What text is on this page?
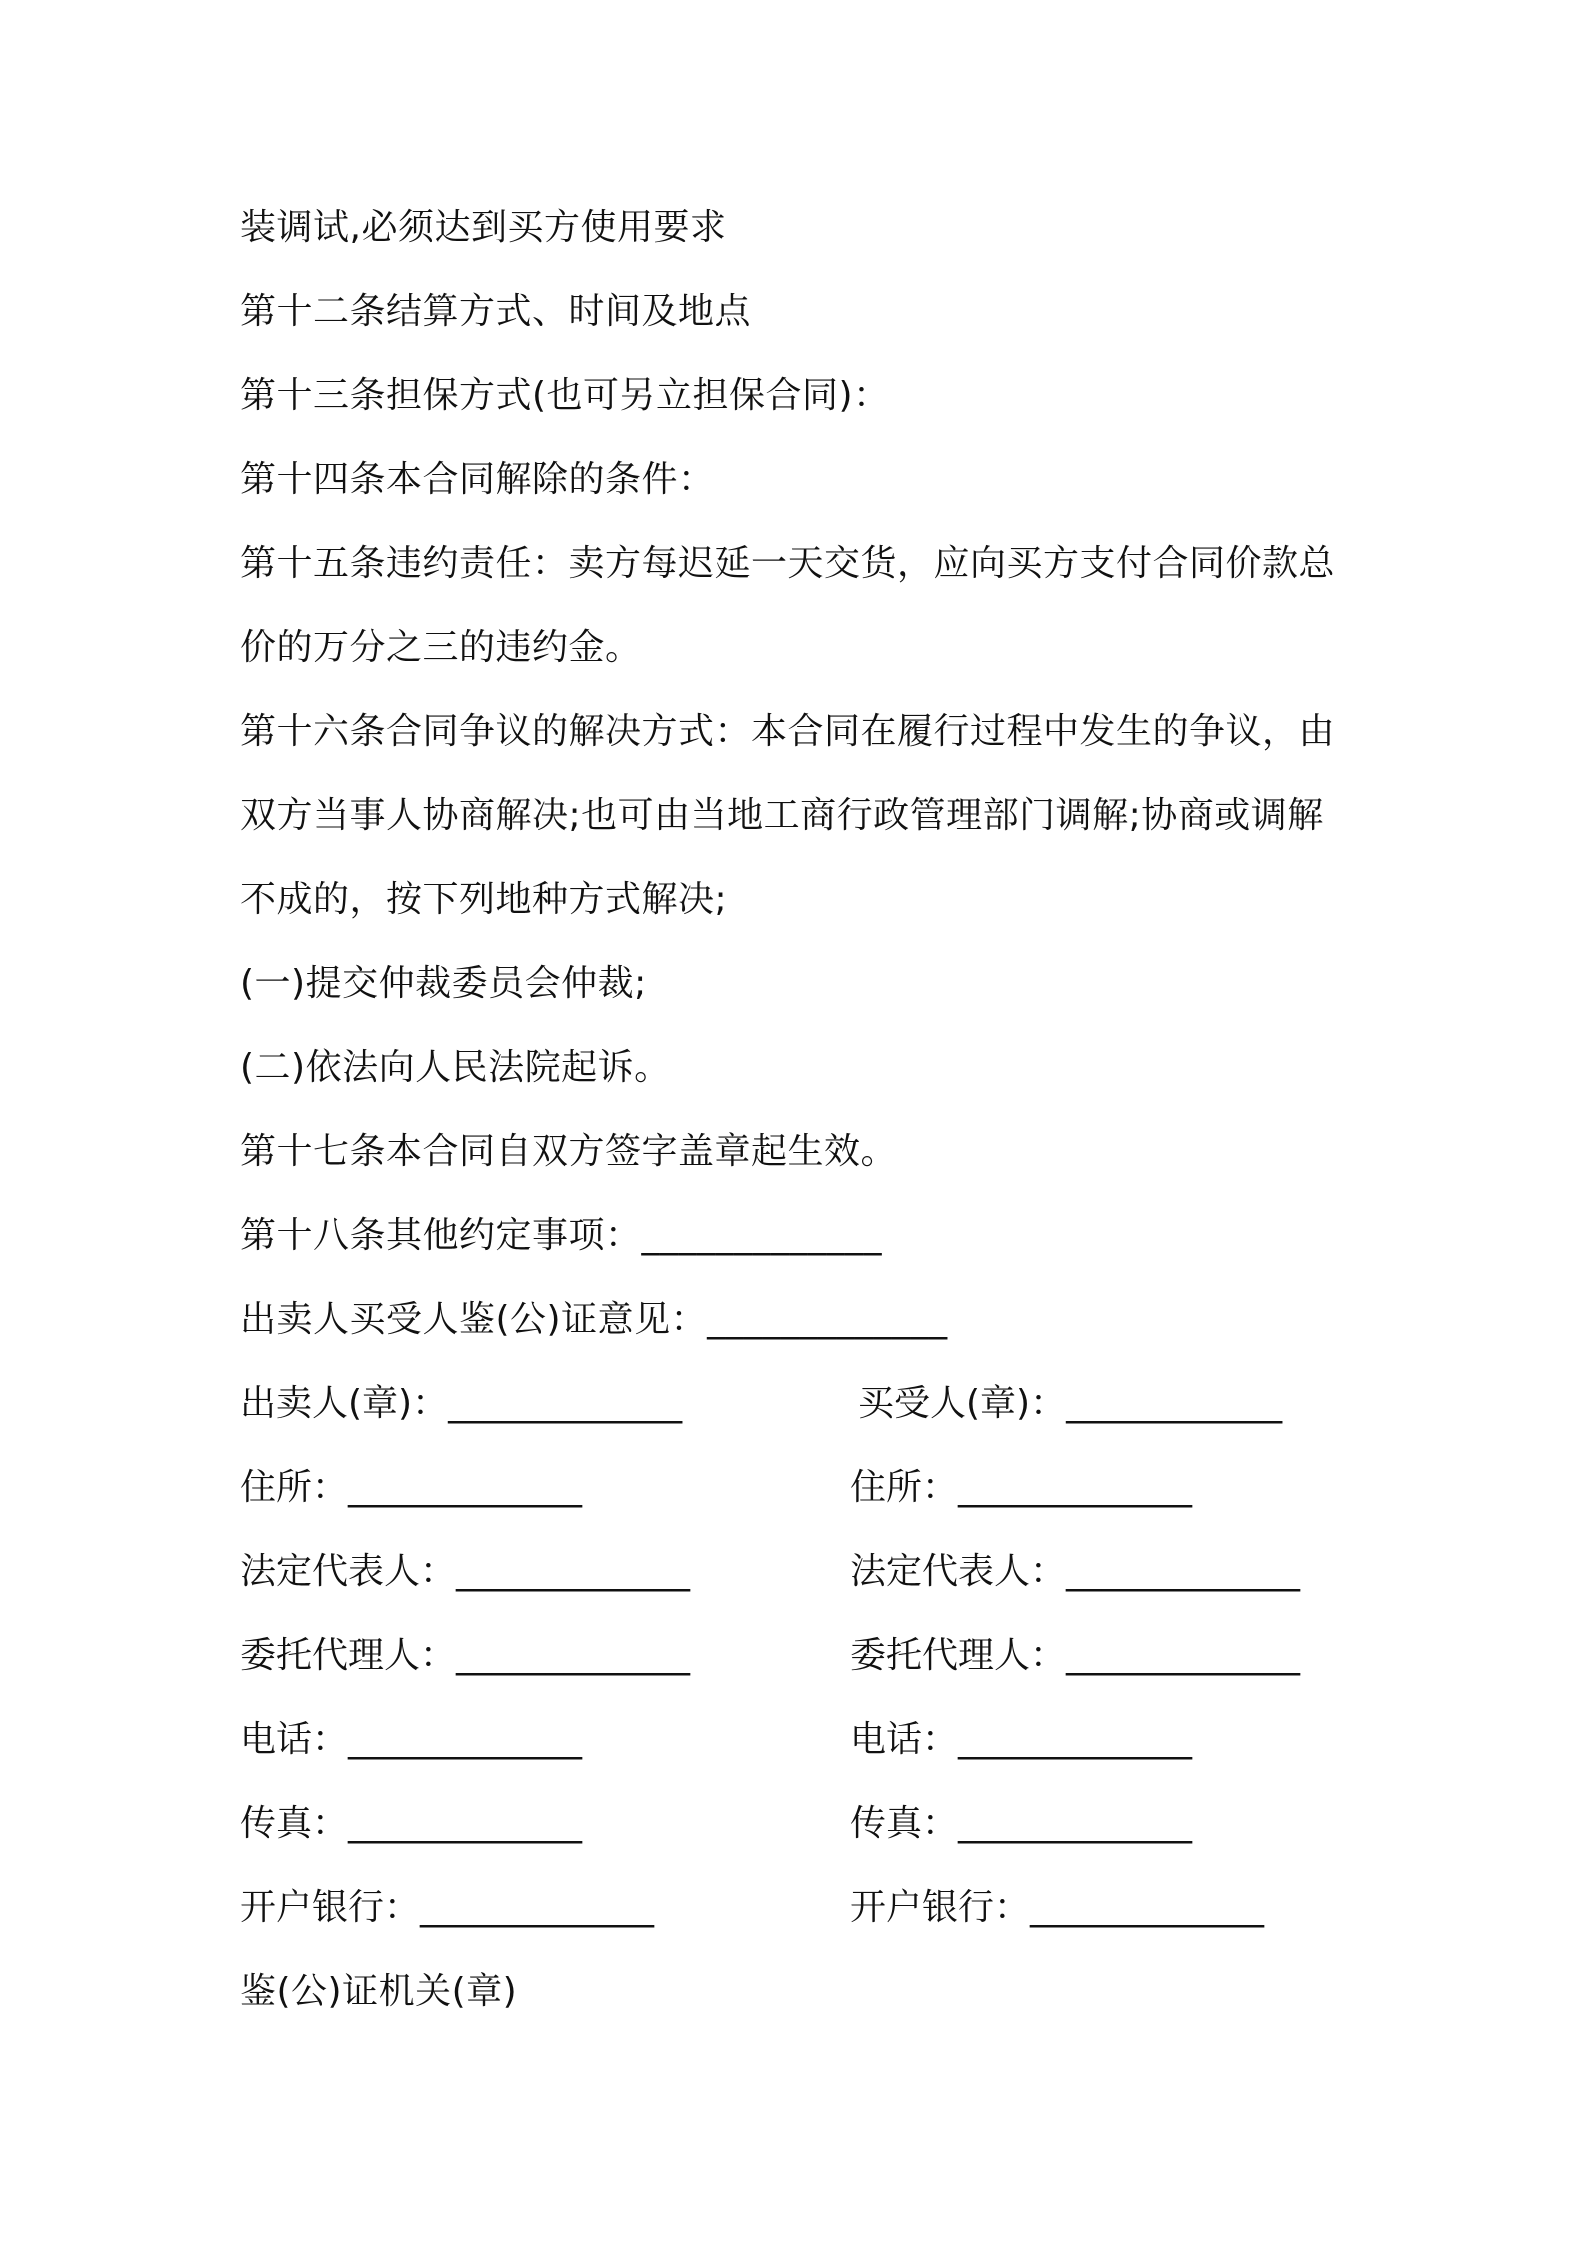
装调试,必须达到买方使用要求
第十二条结算方式、时间及地点
第十三条担保方式(也可另立担保合同)：
第十四条本合同解除的条件：
第十五条违约责任：卖方每迟延一天交货，应向买方支付合同价款总
价的万分之三的违约金。
第十六条合同争议的解决方式：本合同在履行过程中发生的争议，由
双方当事人协商解决;也可由当地工商行政管理部门调解;协商或调解
不成的，按下列地种方式解决;
(一)提交仲裁委员会仲裁;
(二)依法向人民法院起诉。
第十七条本合同自双方签字盖章起生效。
第十八条其他约定事项：_____________
出卖人买受人鉴(公)证意见：_____________
出卖人(章)：_____________	买受人(章)：____________
住所：_____________	住所：_____________
法定代表人：_____________	法定代表人：_____________
委托代理人：_____________	委托代理人：_____________
电话：_____________	电话：_____________
传真：_____________	传真：_____________
开户银行：_____________	开户银行：_____________
鉴(公)证机关(章)
